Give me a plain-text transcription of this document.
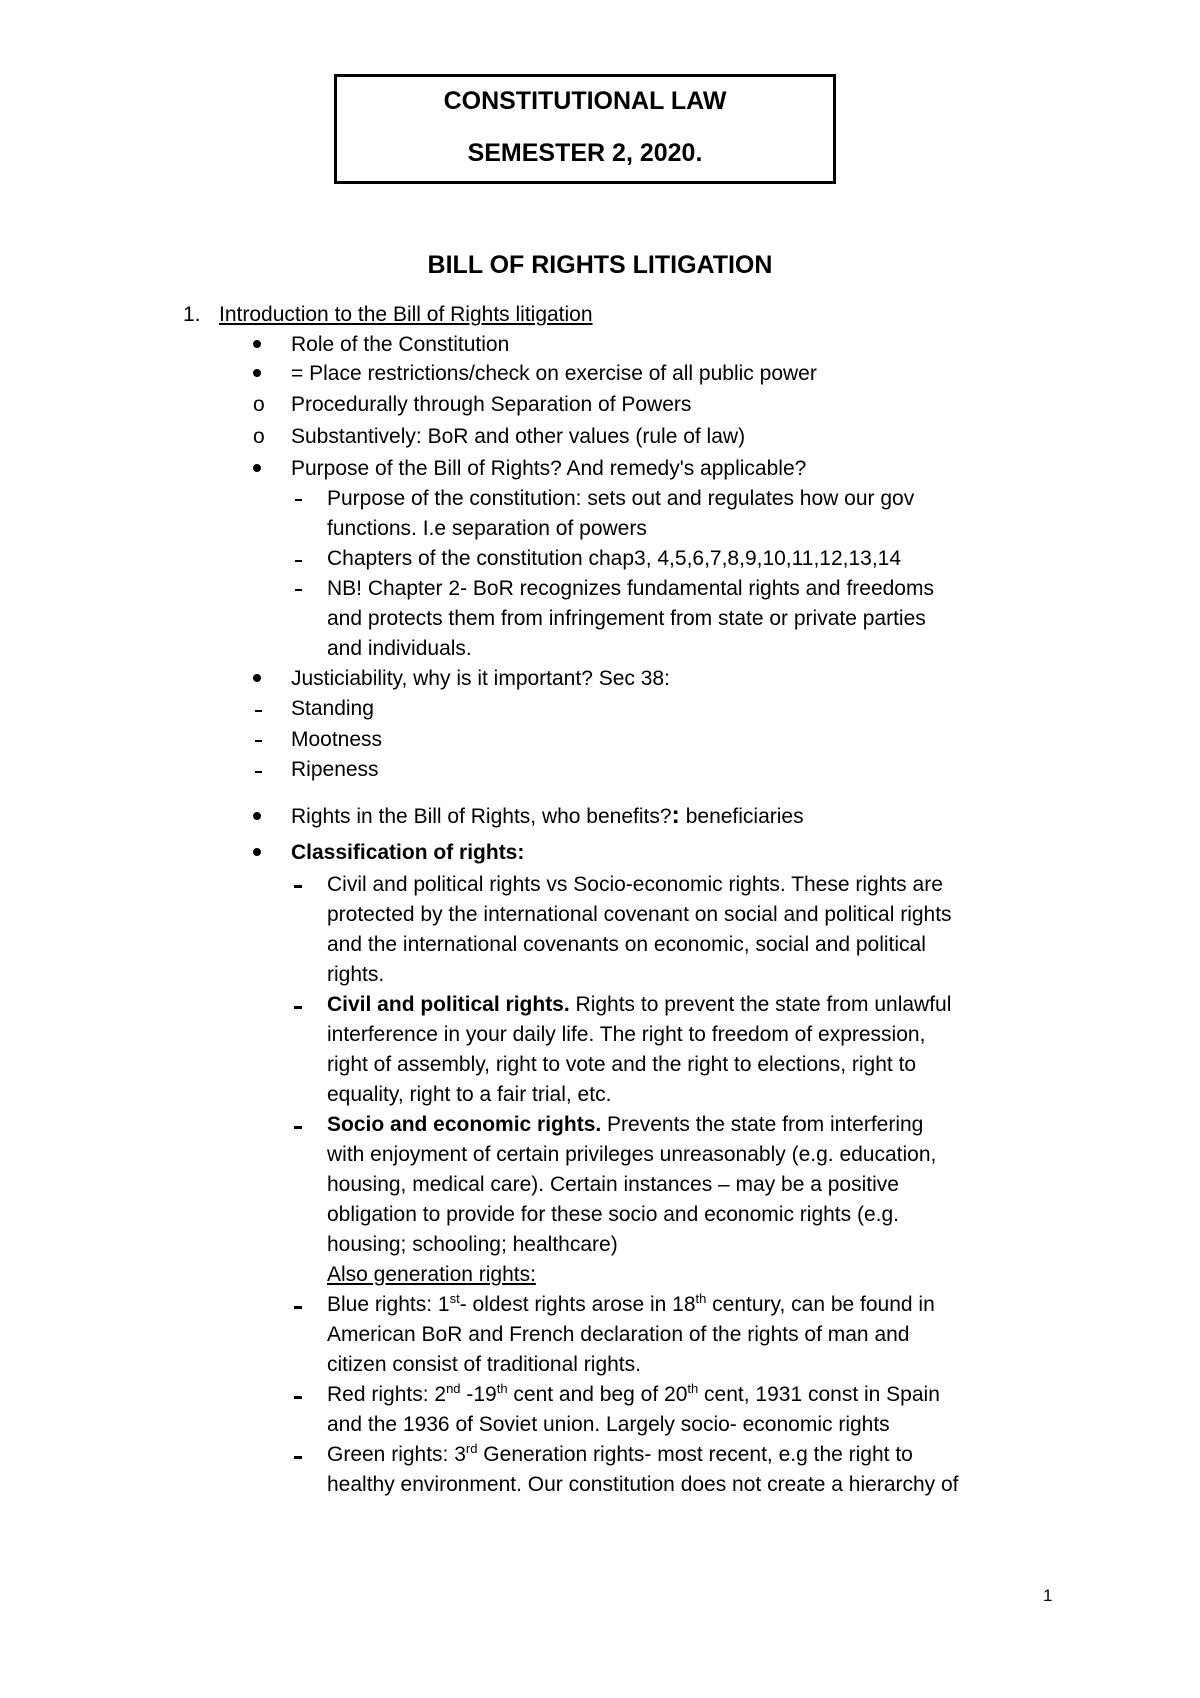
CONSTITUTIONAL LAW
SEMESTER 2, 2020.
BILL OF RIGHTS LITIGATION
1. Introduction to the Bill of Rights litigation
Role of the Constitution
= Place restrictions/check on exercise of all public power
o Procedurally through Separation of Powers
o Substantively: BoR and other values (rule of law)
Purpose of the Bill of Rights? And remedy's applicable?
Purpose of the constitution: sets out and regulates how our gov
functions. I.e separation of powers
Chapters of the constitution chap3, 4,5,6,7,8,9,10,11,12,13,14
NB! Chapter 2- BoR recognizes fundamental rights and freedoms
and protects them from infringement from state or private parties
and individuals.
Justiciability, why is it important? Sec 38:
Standing
Mootness
Ripeness
Rights in the Bill of Rights, who benefits?: beneficiaries
Classification of rights:
Civil and political rights vs Socio-economic rights. These rights are
protected by the international covenant on social and political rights
and the international covenants on economic, social and political
rights.
Civil and political rights. Rights to prevent the state from unlawful
interference in your daily life. The right to freedom of expression,
right of assembly, right to vote and the right to elections, right to
equality, right to a fair trial, etc.
Socio and economic rights. Prevents the state from interfering
with enjoyment of certain privileges unreasonably (e.g. education,
housing, medical care). Certain instances – may be a positive
obligation to provide for these socio and economic rights (e.g.
housing; schooling; healthcare)
Also generation rights:
Blue rights: 1st- oldest rights arose in 18th century, can be found in
American BoR and French declaration of the rights of man and
citizen consist of traditional rights.
Red rights: 2nd -19th cent and beg of 20th cent, 1931 const in Spain
and the 1936 of Soviet union. Largely socio- economic rights
Green rights: 3rd Generation rights- most recent, e.g the right to
healthy environment. Our constitution does not create a hierarchy of
1
